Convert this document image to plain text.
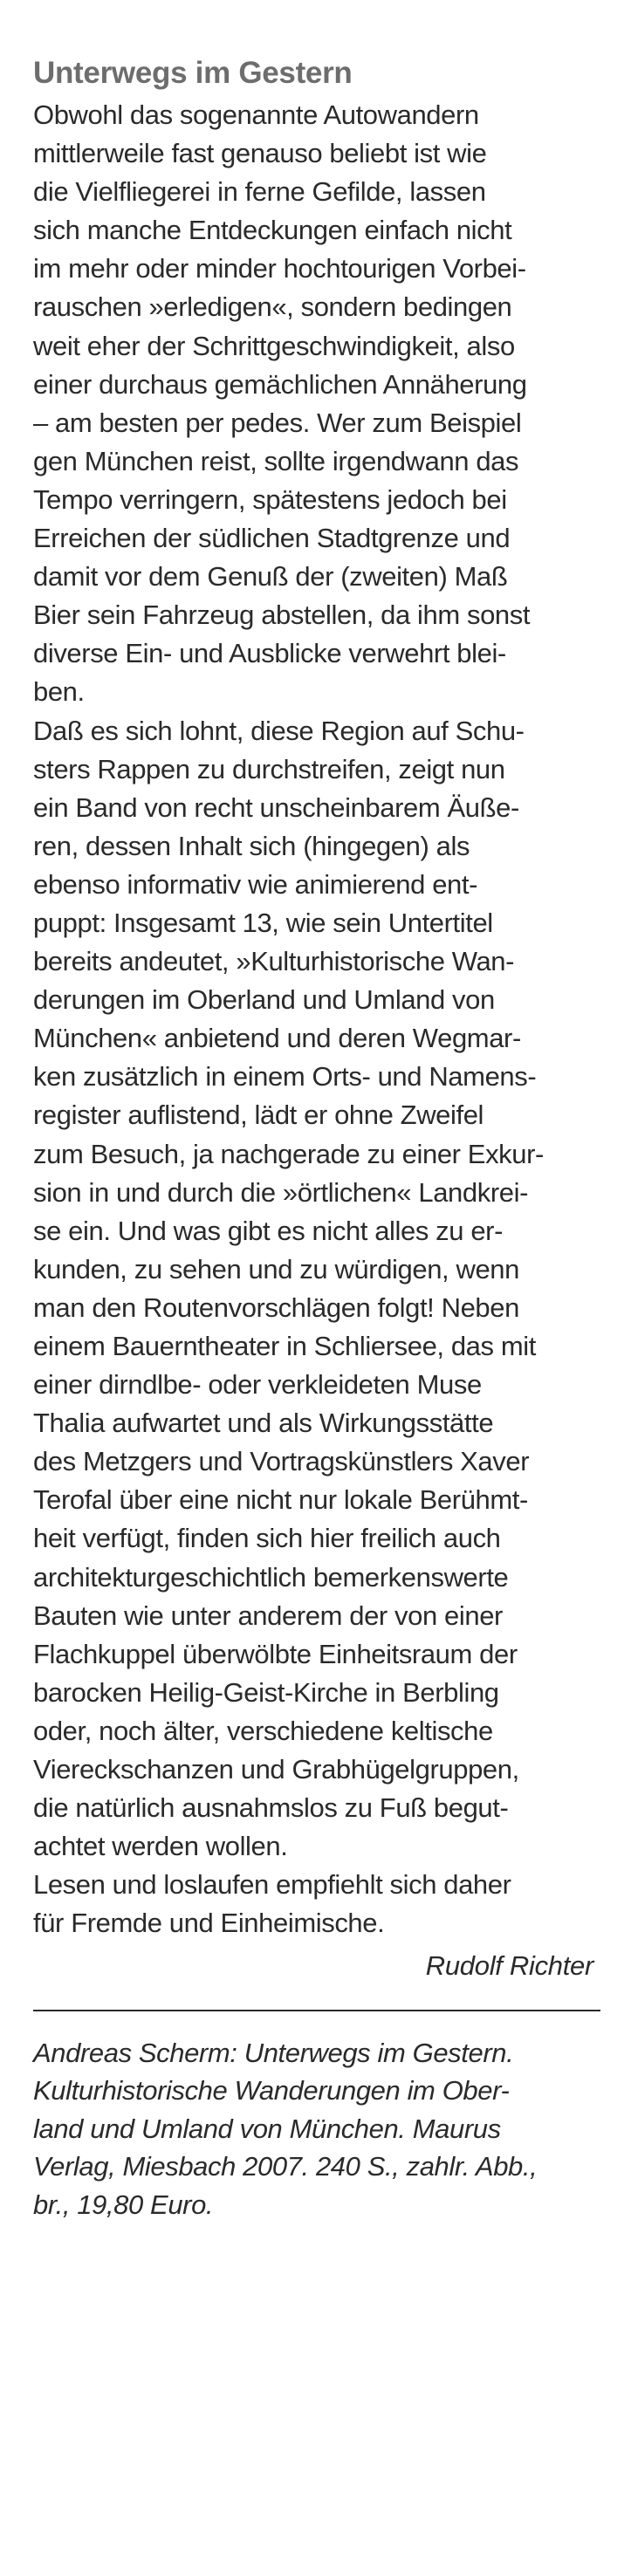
Unterwegs im Gestern
Obwohl das sogenannte Autowandern
mittlerweile fast genauso beliebt ist wie
die Vielfliegerei in ferne Gefilde, lassen
sich manche Entdeckungen einfach nicht
im mehr oder minder hochtourigen Vorbei-
rauschen »erledigen«, sondern bedingen
weit eher der Schrittgeschwindigkeit, also
einer durchaus gemächlichen Annäherung
– am besten per pedes. Wer zum Beispiel
gen München reist, sollte irgendwann das
Tempo verringern, spätestens jedoch bei
Erreichen der südlichen Stadtgrenze und
damit vor dem Genuß der (zweiten) Maß
Bier sein Fahrzeug abstellen, da ihm sonst
diverse Ein- und Ausblicke verwehrt blei-
ben.
Daß es sich lohnt, diese Region auf Schu-
sters Rappen zu durchstreifen, zeigt nun
ein Band von recht unscheinbarem Äuße-
ren, dessen Inhalt sich (hingegen) als
ebenso informativ wie animierend ent-
puppt: Insgesamt 13, wie sein Untertitel
bereits andeutet, »Kulturhistorische Wan-
derungen im Oberland und Umland von
München« anbietend und deren Wegmar-
ken zusätzlich in einem Orts- und Namens-
register auflistend, lädt er ohne Zweifel
zum Besuch, ja nachgerade zu einer Exkur-
sion in und durch die »örtlichen« Landkrei-
se ein. Und was gibt es nicht alles zu er-
kunden, zu sehen und zu würdigen, wenn
man den Routenvorschlägen folgt! Neben
einem Bauerntheater in Schliersee, das mit
einer dirndlbe- oder verkleideten Muse
Thalia aufwartet und als Wirkungsstätte
des Metzgers und Vortragskünstlers Xaver
Terofal über eine nicht nur lokale Berühmt-
heit verfügt, finden sich hier freilich auch
architekturgeschichtlich bemerkenswerte
Bauten wie unter anderem der von einer
Flachkuppel überwölbte Einheitsraum der
barocken Heilig-Geist-Kirche in Berbling
oder, noch älter, verschiedene keltische
Viereckschanzen und Grabhügelgruppen,
die natürlich ausnahmslos zu Fuß begut-
achtet werden wollen.
Lesen und loslaufen empfiehlt sich daher
für Fremde und Einheimische.
Rudolf Richter
Andreas Scherm: Unterwegs im Gestern.
Kulturhistorische Wanderungen im Ober-
land und Umland von München. Maurus
Verlag, Miesbach 2007. 240 S., zahlr. Abb.,
br., 19,80 Euro.
